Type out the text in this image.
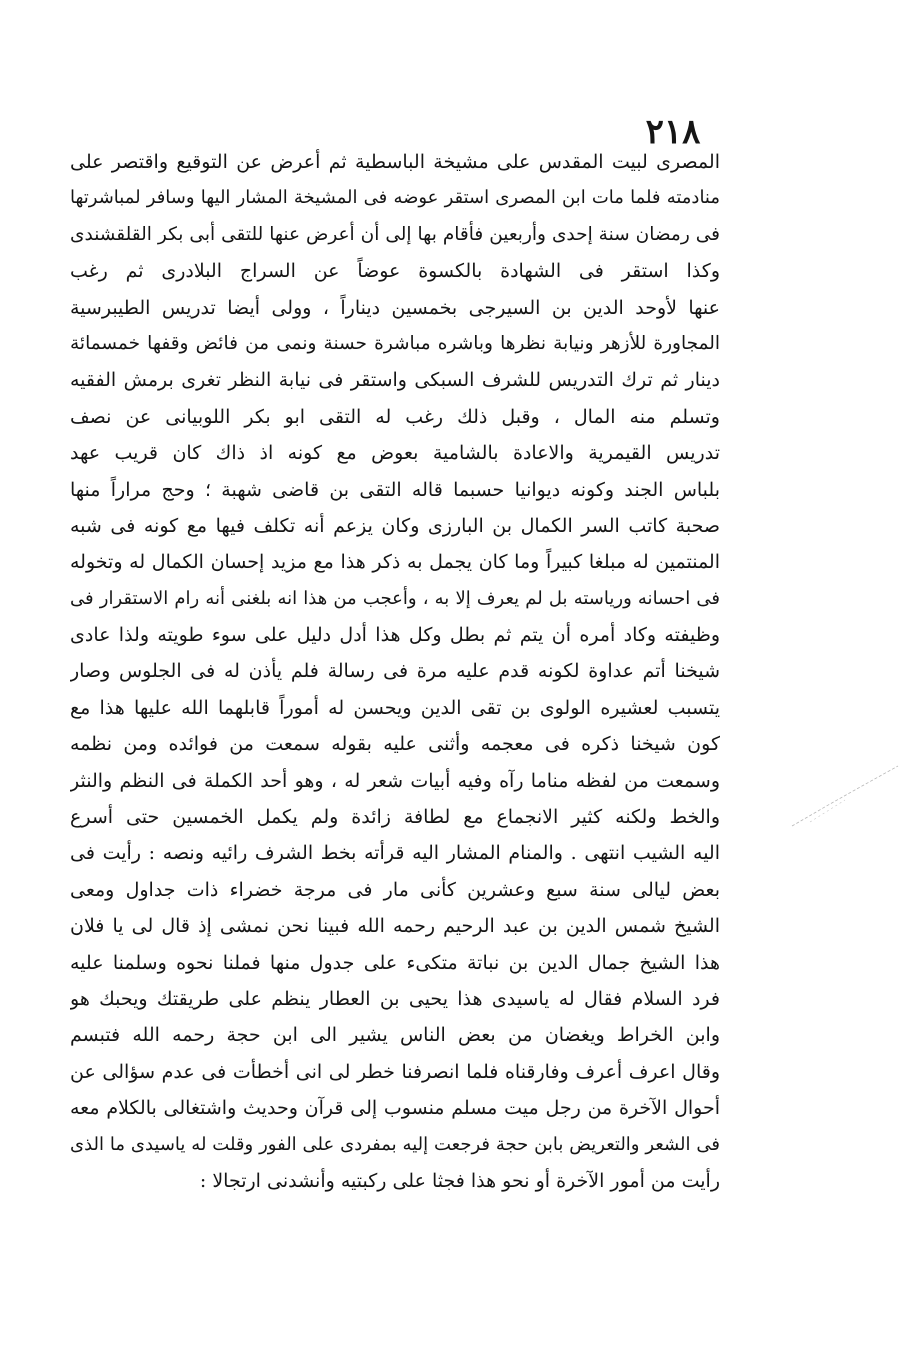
٢١٨
المصرى لبيت المقدس على مشيخة الباسطية ثم أعرض عن التوقيع واقتصر على
منادمته فلما مات ابن المصرى استقر عوضه فى المشيخة المشار اليها وسافر لمباشرتها
فى رمضان سنة إحدى وأربعين فأقام بها إلى أن أعرض عنها للتقى أبى بكر القلقشندى
وكذا استقر فى الشهادة بالكسوة عوضاً عن السراج البلادرى ثم رغب
عنها لأوحد الدين بن السيرجى بخمسين ديناراً ، وولى أيضا تدريس الطيبرسية
المجاورة للأزهر ونيابة نظرها وباشره مباشرة حسنة ونمى من فائض وقفها خمسمائة
دينار ثم ترك التدريس للشرف السبكى واستقر فى نيابة النظر تغرى برمش الفقيه
وتسلم منه المال ، وقبل ذلك رغب له التقى ابو بكر اللوبيانى عن نصف
تدريس القيمرية والاعادة بالشامية بعوض مع كونه اذ ذاك كان قريب عهد
بلباس الجند وكونه ديوانيا حسبما قاله التقى بن قاضى شهبة ؛ وحج مراراً منها
صحبة كاتب السر الكمال بن البارزى وكان يزعم أنه تكلف فيها مع كونه فى شبه
المنتمين له مبلغا كبيراً وما كان يجمل به ذكر هذا مع مزيد إحسان الكمال له وتخوله
فى احسانه ورياسته بل لم يعرف إلا به ، وأعجب من هذا انه بلغنى أنه رام الاستقرار فى
وظيفته وكاد أمره أن يتم ثم بطل وكل هذا أدل دليل على سوء طويته ولذا عادى
شيخنا أتم عداوة لكونه قدم عليه مرة فى رسالة فلم يأذن له فى الجلوس وصار
يتسبب لعشيره الولوى بن تقى الدين ويحسن له أموراً قابلهما الله عليها هذا مع
كون شيخنا ذكره فى معجمه وأثنى عليه بقوله سمعت من فوائده ومن نظمه
وسمعت من لفظه مناما رآه وفيه أبيات شعر له ، وهو أحد الكملة فى النظم والنثر
والخط ولكنه كثير الانجماع مع لطافة زائدة ولم يكمل الخمسين حتى أسرع
اليه الشيب انتهى . والمنام المشار اليه قرأته بخط الشرف رائيه ونصه : رأيت فى
بعض ليالى سنة سبع وعشرين كأنى مار فى مرجة خضراء ذات جداول ومعى
الشيخ شمس الدين بن عبد الرحيم رحمه الله فبينا نحن نمشى إذ قال لى يا فلان
هذا الشيخ جمال الدين بن نباتة متكىء على جدول منها فملنا نحوه وسلمنا عليه
فرد السلام فقال له ياسيدى هذا يحيى بن العطار ينظم على طريقتك ويحبك هو
وابن الخراط ويغضان من بعض الناس يشير الى ابن حجة رحمه الله فتبسم
وقال اعرف أعرف وفارقناه فلما انصرفنا خطر لى انى أخطأت فى عدم سؤالى عن
أحوال الآخرة من رجل ميت مسلم منسوب إلى قرآن وحديث واشتغالى بالكلام معه
فى الشعر والتعريض بابن حجة فرجعت إليه بمفردى على الفور وقلت له ياسيدى ما الذى
رأيت من أمور الآخرة أو نحو هذا فجثا على ركبتيه وأنشدنى ارتجالا :
